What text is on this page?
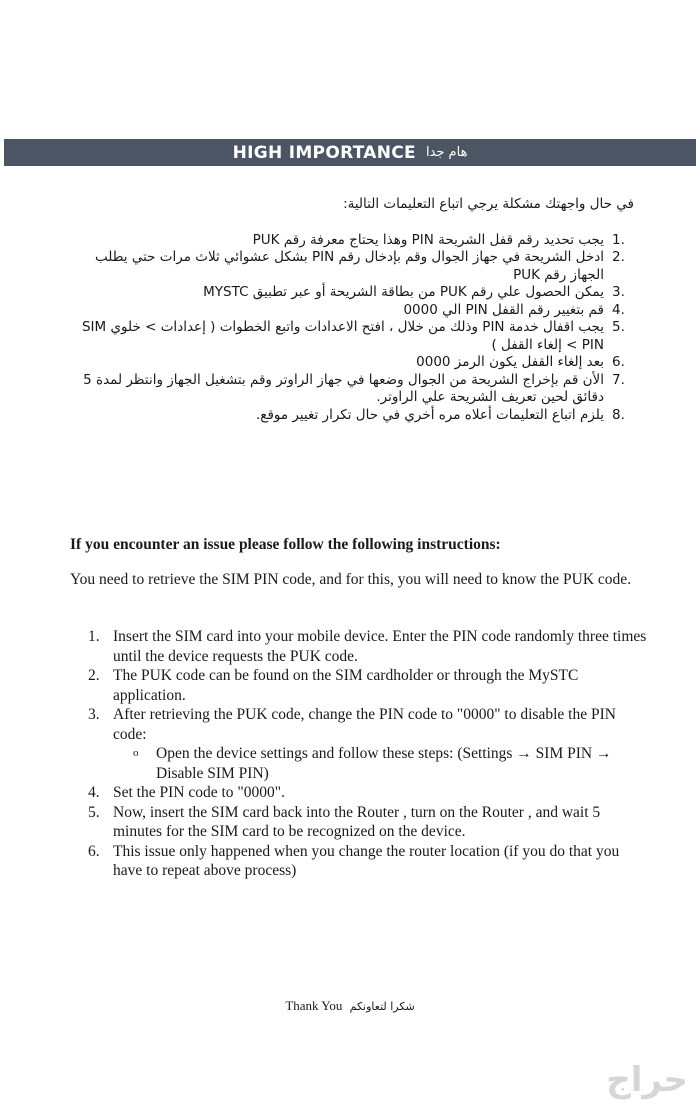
HIGH IMPORTANCE هام جدا

في حال واجهتك مشكلة يرجي اتباع التعليمات التالية:

1.
يجب تحديد رقم قفل الشريحة PIN وهذا يحتاج معرفة رقم PUK
2.
ادخل الشريحة في جهاز الجوال وقم بإدخال رقم PIN بشكل عشوائي ثلاث مرات حتي يطلب الجهاز رقم PUK
3.
يمكن الحصول علي رقم PUK من بطاقة الشريحة أو عبر تطبيق MYSTC
4.
قم بتغيير رقم القفل PIN الي 0000
5.
يجب اقفال خدمة PIN وذلك من خلال ، افتح الاعدادات واتبع الخطوات ( إعدادات > خلوي SIM PIN > إلغاء القفل )
6.
بعد إلغاء القفل يكون الرمز 0000
7.
الأن قم بإخراج الشريحة من الجوال وضعها في جهاز الراوتر وقم بتشغيل الجهاز وانتظر لمدة 5 دقائق لحين تعريف الشريحة علي الراوتر.
8.
يلزم اتباع التعليمات أعلاه مره أخري في حال تكرار تغيير موقع.
If you encounter an issue please follow the following instructions:
You need to retrieve the SIM PIN code, and for this, you will need to know the PUK code.
1. Insert the SIM card into your mobile device. Enter the PIN code randomly three times until the device requests the PUK code.
2. The PUK code can be found on the SIM cardholder or through the MySTC application.
3. After retrieving the PUK code, change the PIN code to "0000" to disable the PIN code:
o Open the device settings and follow these steps: (Settings → SIM PIN → Disable SIM PIN)
4. Set the PIN code to "0000".
5. Now, insert the SIM card back into the Router , turn on the Router , and wait 5 minutes for the SIM card to be recognized on the device.
6. This issue only happened when you change the router location (if you do that you have to repeat above process)
Thank You شكرا لتعاونكم
حراج
